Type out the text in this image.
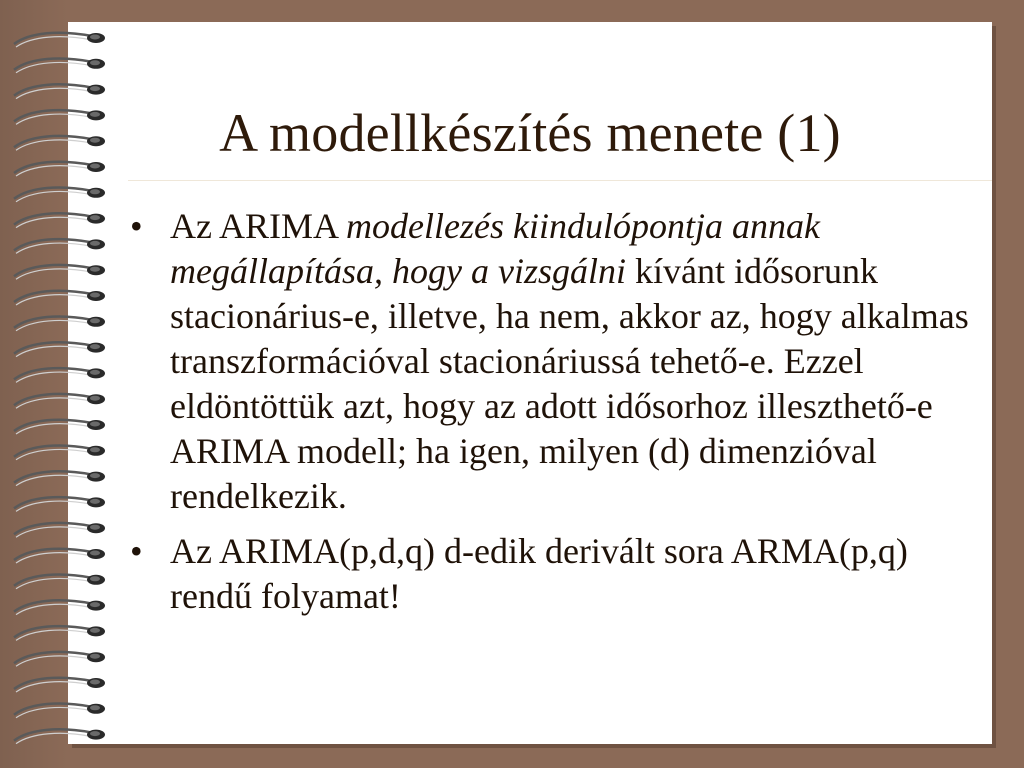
A modellkészítés menete (1)
• Az ARIMA modellezés kiindulópontja annak megállapítása, hogy a vizsgálni kívánt idősorunk stacionárius-e, illetve, ha nem, akkor az, hogy alkalmas transzformációval stacionáriussá tehető-e. Ezzel eldöntöttük azt, hogy az adott idősorhoz illeszthető-e ARIMA modell; ha igen, milyen (d) dimenzióval rendelkezik.
• Az ARIMA(p,d,q) d-edik derivált sora ARMA(p,q) rendű folyamat!
